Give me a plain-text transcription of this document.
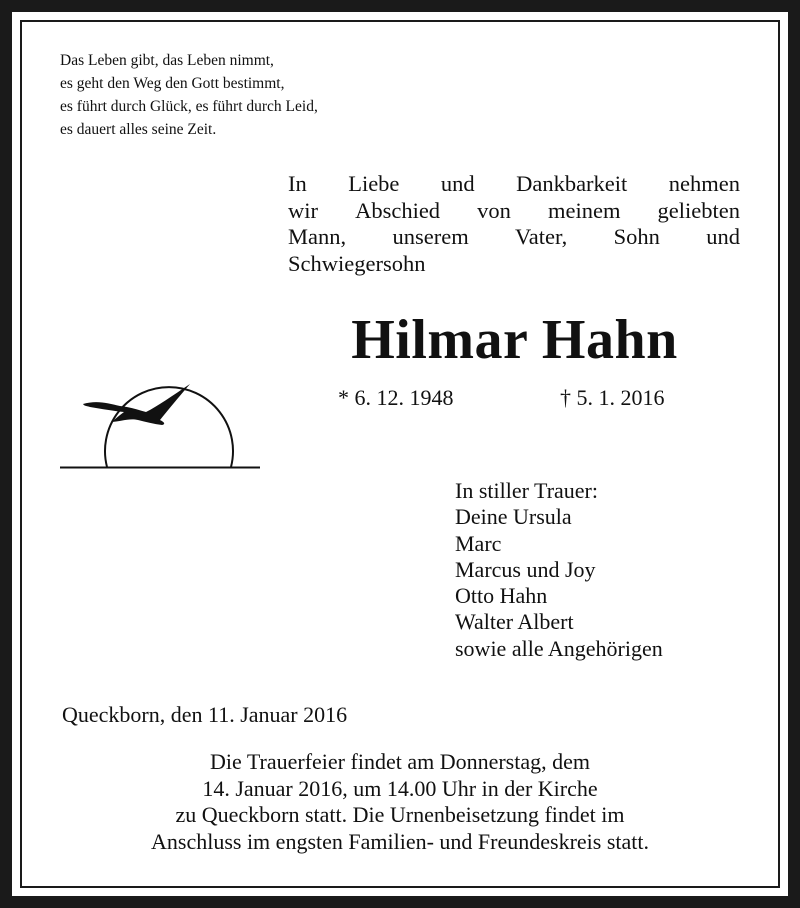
Das Leben gibt, das Leben nimmt,
es geht den Weg den Gott bestimmt,
es führt durch Glück, es führt durch Leid,
es dauert alles seine Zeit.
In Liebe und Dankbarkeit nehmen
wir Abschied von meinem geliebten
Mann, unserem Vater, Sohn und
Schwiegersohn
Hilmar Hahn
* 6. 12. 1948	† 5. 1. 2016
In stiller Trauer:
Deine Ursula
Marc
Marcus und Joy
Otto Hahn
Walter Albert
sowie alle Angehörigen
Queckborn, den 11. Januar 2016
Die Trauerfeier findet am Donnerstag, dem
14. Januar 2016, um 14.00 Uhr in der Kirche
zu Queckborn statt. Die Urnenbeisetzung findet im
Anschluss im engsten Familien- und Freundeskreis statt.
